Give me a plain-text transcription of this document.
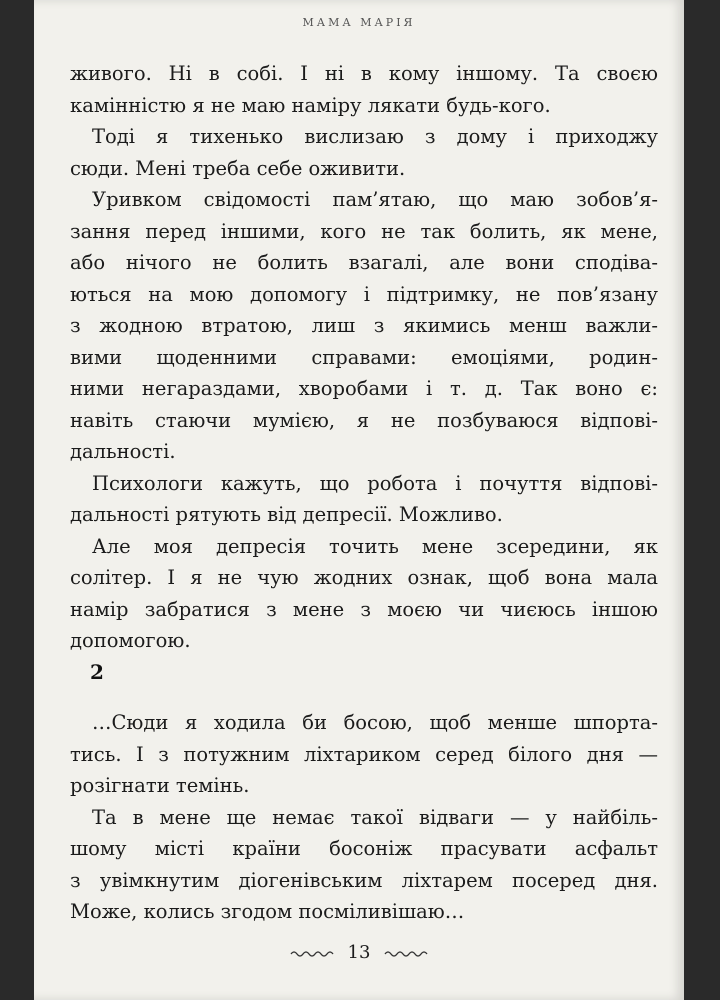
МАМА МАРІЯ
живого. Ні в собі. І ні в кому іншому. Та своєю
камінністю я не маю наміру лякати будь-кого.
Тоді я тихенько вислизаю з дому і приходжу
сюди. Мені треба себе оживити.
Уривком свідомості пам’ятаю, що маю зобов’я-
зання перед іншими, кого не так болить, як мене,
або нічого не болить взагалі, але вони сподіва-
ються на мою допомогу і підтримку, не пов’язану
з жодною втратою, лиш з якимись менш важли-
вими щоденними справами: емоціями, родин-
ними негараздами, хворобами і т. д. Так воно є:
навіть стаючи мумією, я не позбуваюся відпові-
дальності.
Психологи кажуть, що робота і почуття відпові-
дальності рятують від депресії. Можливо.
Але моя депресія точить мене зсередини, як
солітер. І я не чую жодних ознак, щоб вона мала
намір забратися з мене з моєю чи чиєюсь іншою
допомогою.
2
…Сюди я ходила би босою, щоб менше шпорта-
тись. І з потужним ліхтариком серед білого дня —
розігнати темінь.
Та в мене ще немає такої відваги — у найбіль-
шому місті країни босоніж прасувати асфальт
з увімкнутим діогенівським ліхтарем посеред дня.
Може, колись згодом посміливішаю…
13
